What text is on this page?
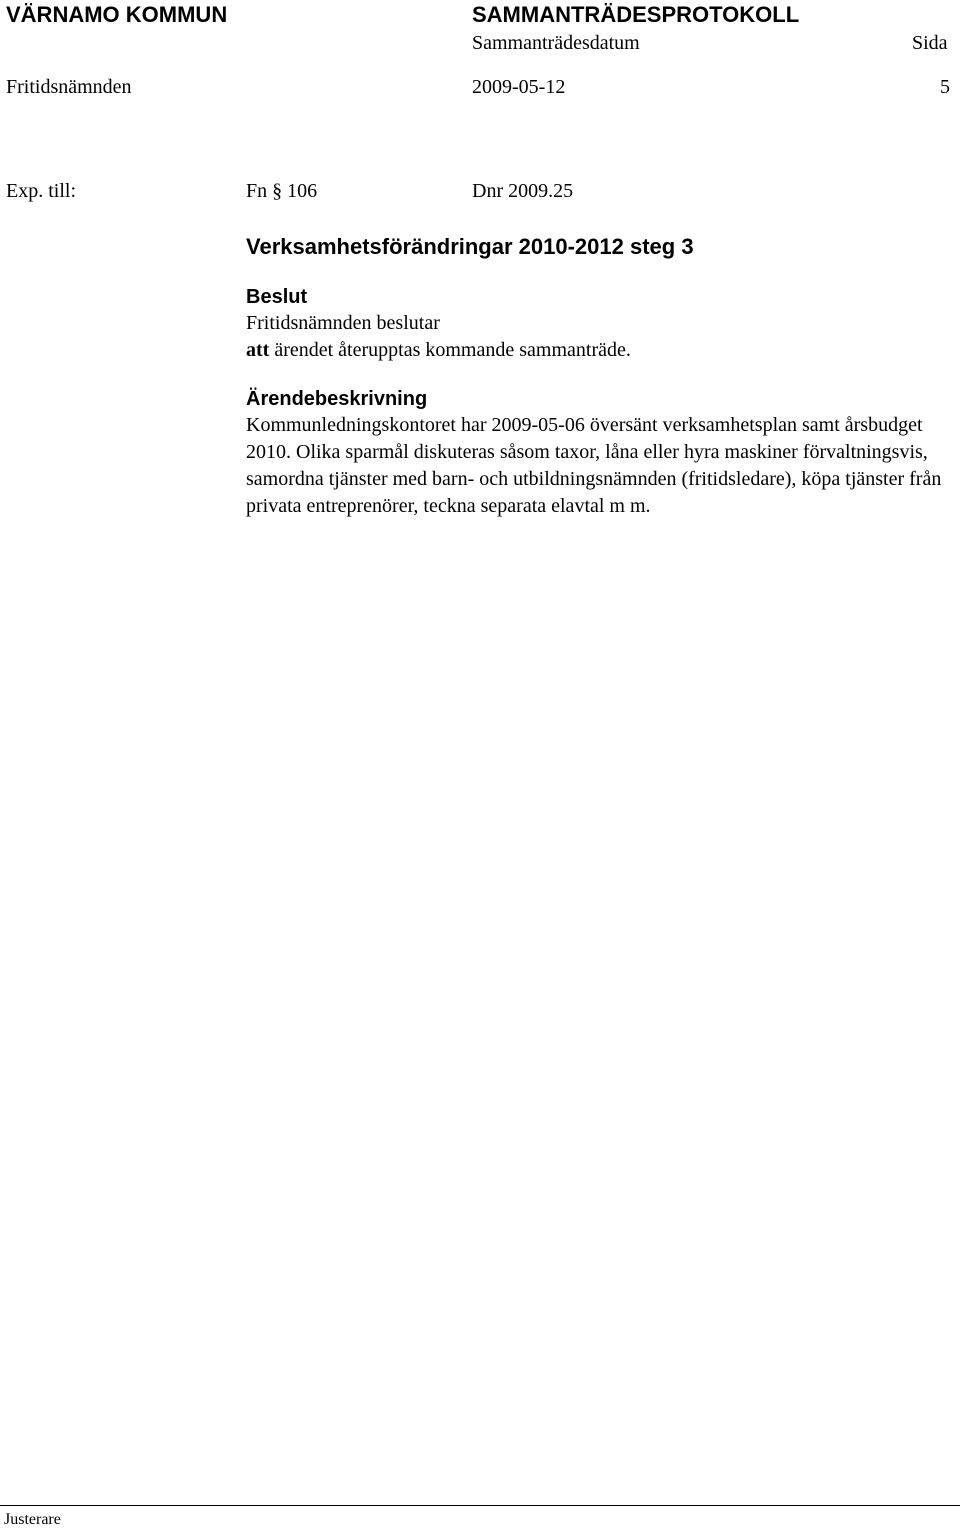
VÄRNAMO KOMMUN	SAMMANTRÄDESPROTOKOLL
Sammanträdesdatum	Sida
Fritidsnämnden	2009-05-12	5
Exp. till:	Fn § 106	Dnr 2009.25
Verksamhetsförändringar 2010-2012 steg 3
Beslut
Fritidsnämnden beslutar
att ärendet återupptas kommande sammanträde.
Ärendebeskrivning

Kommunledningskontoret har 2009-05-06 översänt verksamhetsplan samt årsbudget 2010. Olika sparmål diskuteras såsom taxor, låna eller hyra maskiner förvaltningsvis, samordna tjänster med barn- och utbildningsnämnden (fritidsledare), köpa tjänster från privata entreprenörer, teckna separata elavtal m m.

Justerare
